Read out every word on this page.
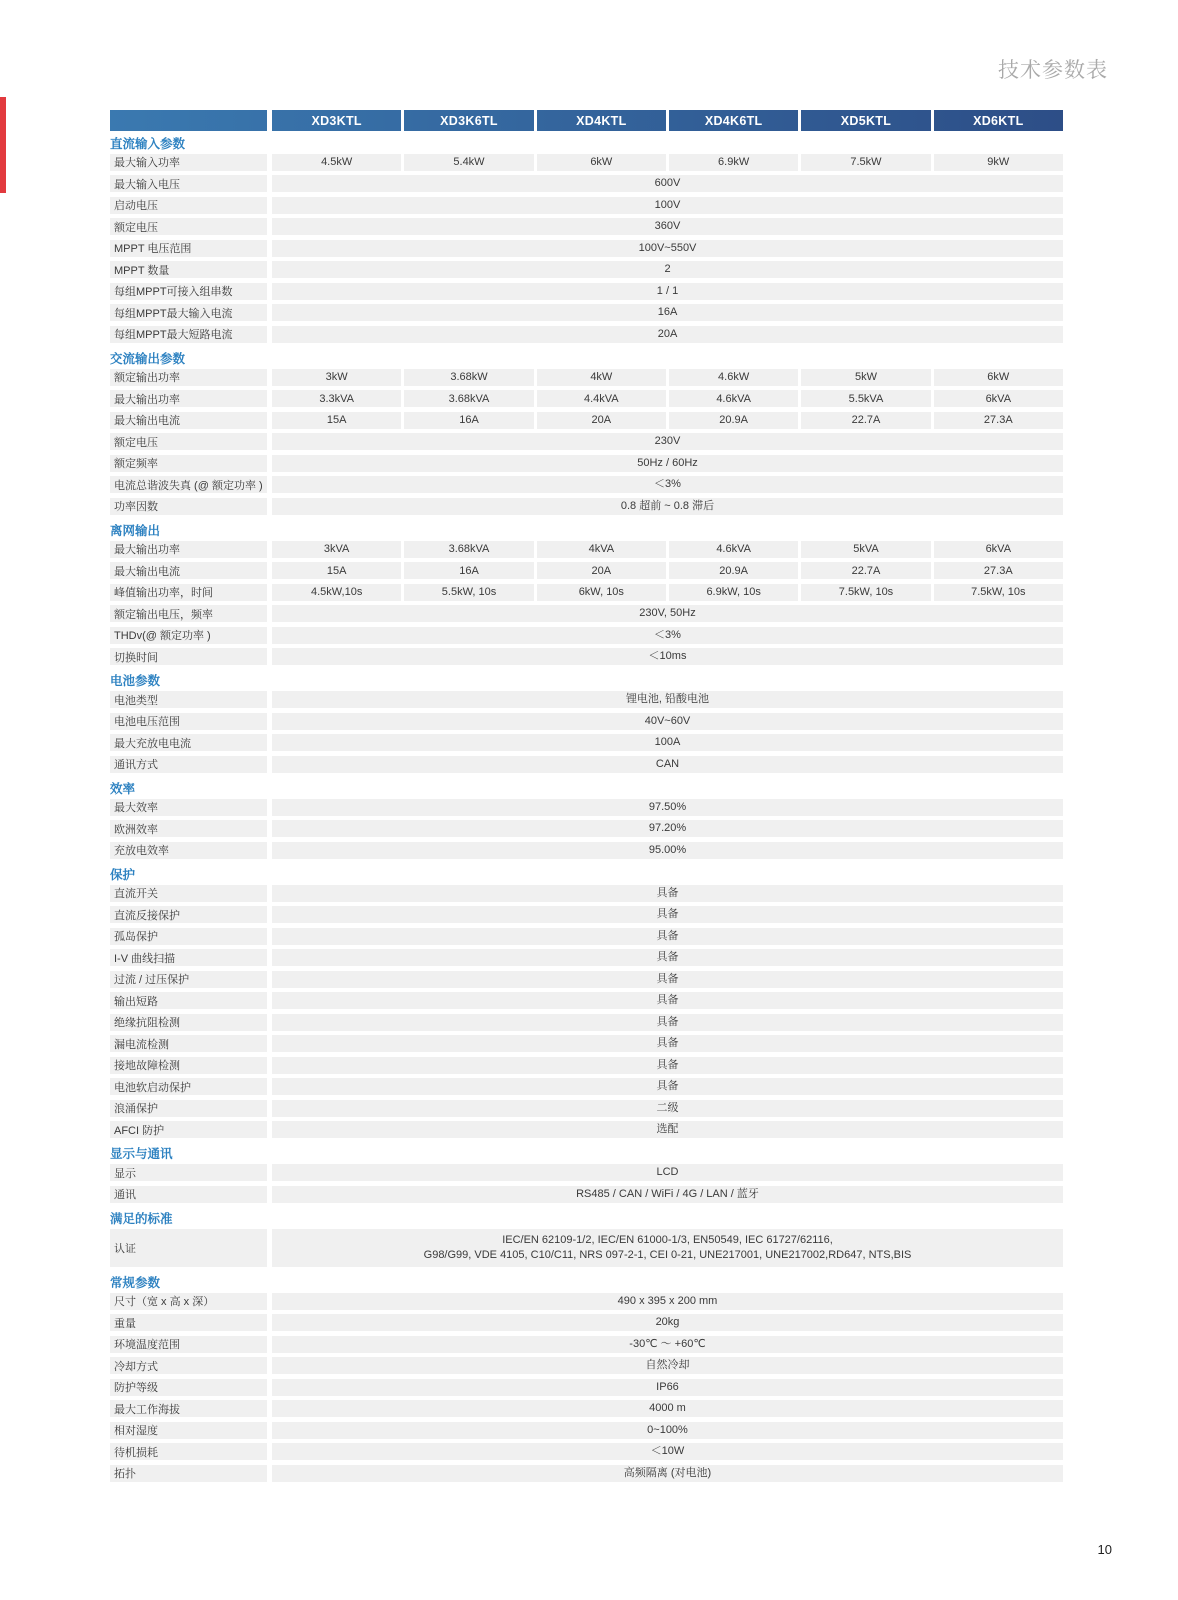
技术参数表
XD3KTL	XD3K6TL	XD4KTL	XD4K6TL	XD5KTL	XD6KTL
直流输入参数
最大输入功率	4.5kW	5.4kW	6kW	6.9kW	7.5kW	9kW
最大输入电压	600V
启动电压	100V
额定电压	360V
MPPT 电压范围	100V~550V
MPPT 数量	2
每组MPPT可接入组串数	1 / 1
每组MPPT最大输入电流	16A
每组MPPT最大短路电流	20A
交流输出参数
额定输出功率	3kW	3.68kW	4kW	4.6kW	5kW	6kW
最大输出功率	3.3kVA	3.68kVA	4.4kVA	4.6kVA	5.5kVA	6kVA
最大输出电流	15A	16A	20A	20.9A	22.7A	27.3A
额定电压	230V
额定频率	50Hz / 60Hz
电流总谐波失真 (@ 额定功率 )	＜3%
功率因数	0.8 超前 ~ 0.8 滞后
离网输出
最大输出功率	3kVA	3.68kVA	4kVA	4.6kVA	5kVA	6kVA
最大输出电流	15A	16A	20A	20.9A	22.7A	27.3A
峰值输出功率，时间	4.5kW,10s	5.5kW, 10s	6kW, 10s	6.9kW, 10s	7.5kW, 10s	7.5kW, 10s
额定输出电压，频率	230V, 50Hz
THDv(@ 额定功率 )	＜3%
切换时间	＜10ms
电池参数
电池类型	锂电池, 铅酸电池
电池电压范围	40V~60V
最大充放电电流	100A
通讯方式	CAN
效率
最大效率	97.50%
欧洲效率	97.20%
充放电效率	95.00%
保护
直流开关	具备
直流反接保护	具备
孤岛保护	具备
I-V 曲线扫描	具备
过流 / 过压保护	具备
输出短路	具备
绝缘抗阻检测	具备
漏电流检测	具备
接地故障检测	具备
电池软启动保护	具备
浪涌保护	二级
AFCI 防护	选配
显示与通讯
显示	LCD
通讯	RS485 / CAN / WiFi / 4G / LAN / 蓝牙
满足的标准
认证
IEC/EN 62109-1/2, IEC/EN 61000-1/3, EN50549, IEC 61727/62116,
G98/G99, VDE 4105, C10/C11, NRS 097-2-1, CEI 0-21, UNE217001, UNE217002,RD647, NTS,BIS
常规参数
尺寸（宽 x 高 x 深）	490 x 395 x 200 mm
重量	20kg
环境温度范围	-30℃ ～ +60℃
冷却方式	自然冷却
防护等级	IP66
最大工作海拔	4000 m
相对湿度	0~100%
待机损耗	＜10W
拓扑	高频隔离 (对电池)
10
